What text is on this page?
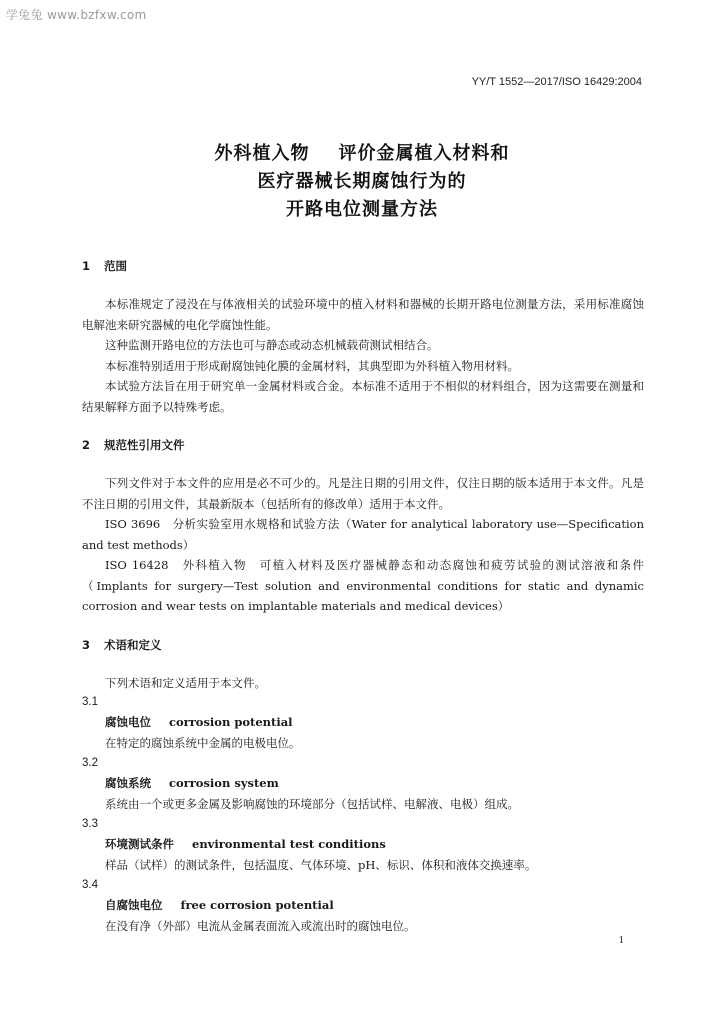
学兔兔 www.bzfxw.com
YY/T 1552—2017/ISO 16429:2004
外科植入物    评价金属植入材料和
医疗器械长期腐蚀行为的
开路电位测量方法
1 范围

本标准规定了浸没在与体液相关的试验环境中的植入材料和器械的长期开路电位测量方法，采用标准腐蚀电解池来研究器械的电化学腐蚀性能。

这种监测开路电位的方法也可与静态或动态机械载荷测试相结合。

本标准特别适用于形成耐腐蚀钝化膜的金属材料，其典型即为外科植入物用材料。

本试验方法旨在用于研究单一金属材料或合金。本标准不适用于不相似的材料组合，因为这需要在测量和结果解释方面予以特殊考虑。

2 规范性引用文件

下列文件对于本文件的应用是必不可少的。凡是注日期的引用文件，仅注日期的版本适用于本文件。凡是不注日期的引用文件，其最新版本（包括所有的修改单）适用于本文件。

ISO 3696　分析实验室用水规格和试验方法（Water for analytical laboratory use—Specification and test methods）

ISO 16428　外科植入物　可植入材料及医疗器械静态和动态腐蚀和疲劳试验的测试溶液和条件（Implants for surgery—Test solution and environmental conditions for static and dynamic corrosion and wear tests on implantable materials and medical devices）

3 术语和定义

下列术语和定义适用于本文件。

3.1
腐蚀电位 corrosion potential
在特定的腐蚀系统中金属的电极电位。
3.2
腐蚀系统 corrosion system
系统由一个或更多金属及影响腐蚀的环境部分（包括试样、电解液、电极）组成。
3.3
环境测试条件 environmental test conditions
样品（试样）的测试条件，包括温度、气体环境、pH、标识、体积和液体交换速率。
3.4
自腐蚀电位 free corrosion potential
在没有净（外部）电流从金属表面流入或流出时的腐蚀电位。
1
